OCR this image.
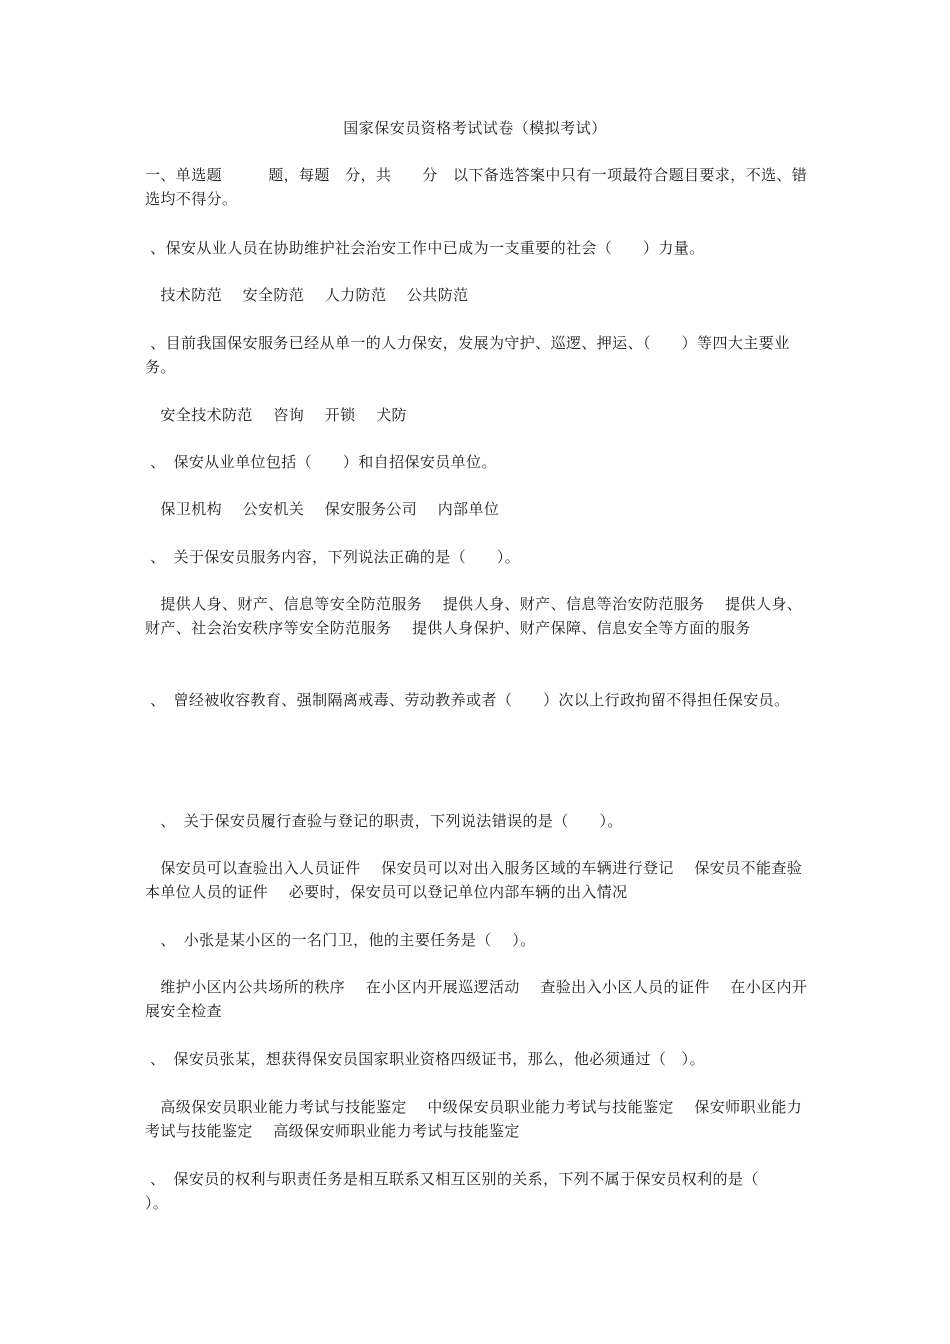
国家保安员资格考试试卷（模拟考试）
一、单选题　　　题，每题　分，共　　分　以下备选答案中只有一项最符合题目要求，不选、错选均不得分。
、保安从业人员在协助维护社会治安工作中已成为一支重要的社会（　　）力量。
　技术防范　 安全防范　 人力防范　 公共防范
、目前我国保安服务已经从单一的人力保安，发展为守护、巡逻、押运、（　　）等四大主要业务。
　安全技术防范　 咨询　 开锁　 犬防
、　保安从业单位包括（　　）和自招保安员单位。
　保卫机构　 公安机关　 保安服务公司　 内部单位
、　关于保安员服务内容，下列说法正确的是（　　）。
　提供人身、财产、信息等安全防范服务　 提供人身、财产、信息等治安防范服务　 提供人身、财产、社会治安秩序等安全防范服务　 提供人身保护、财产保障、信息安全等方面的服务
、　曾经被收容教育、强制隔离戒毒、劳动教养或者（　　）次以上行政拘留不得担任保安员。
　、　关于保安员履行查验与登记的职责，下列说法错误的是（　　）。
　保安员可以查验出入人员证件　 保安员可以对出入服务区域的车辆进行登记　 保安员不能查验本单位人员的证件　 必要时，保安员可以登记单位内部车辆的出入情况
　、　小张是某小区的一名门卫，他的主要任务是（　 ）。
　维护小区内公共场所的秩序　 在小区内开展巡逻活动　 查验出入小区人员的证件　 在小区内开展安全检查
、　保安员张某，想获得保安员国家职业资格四级证书，那么，他必须通过（　）。
　高级保安员职业能力考试与技能鉴定　 中级保安员职业能力考试与技能鉴定　 保安师职业能力考试与技能鉴定　 高级保安师职业能力考试与技能鉴定
、　保安员的权利与职责任务是相互联系又相互区别的关系，下列不属于保安员权利的是（　　）。
